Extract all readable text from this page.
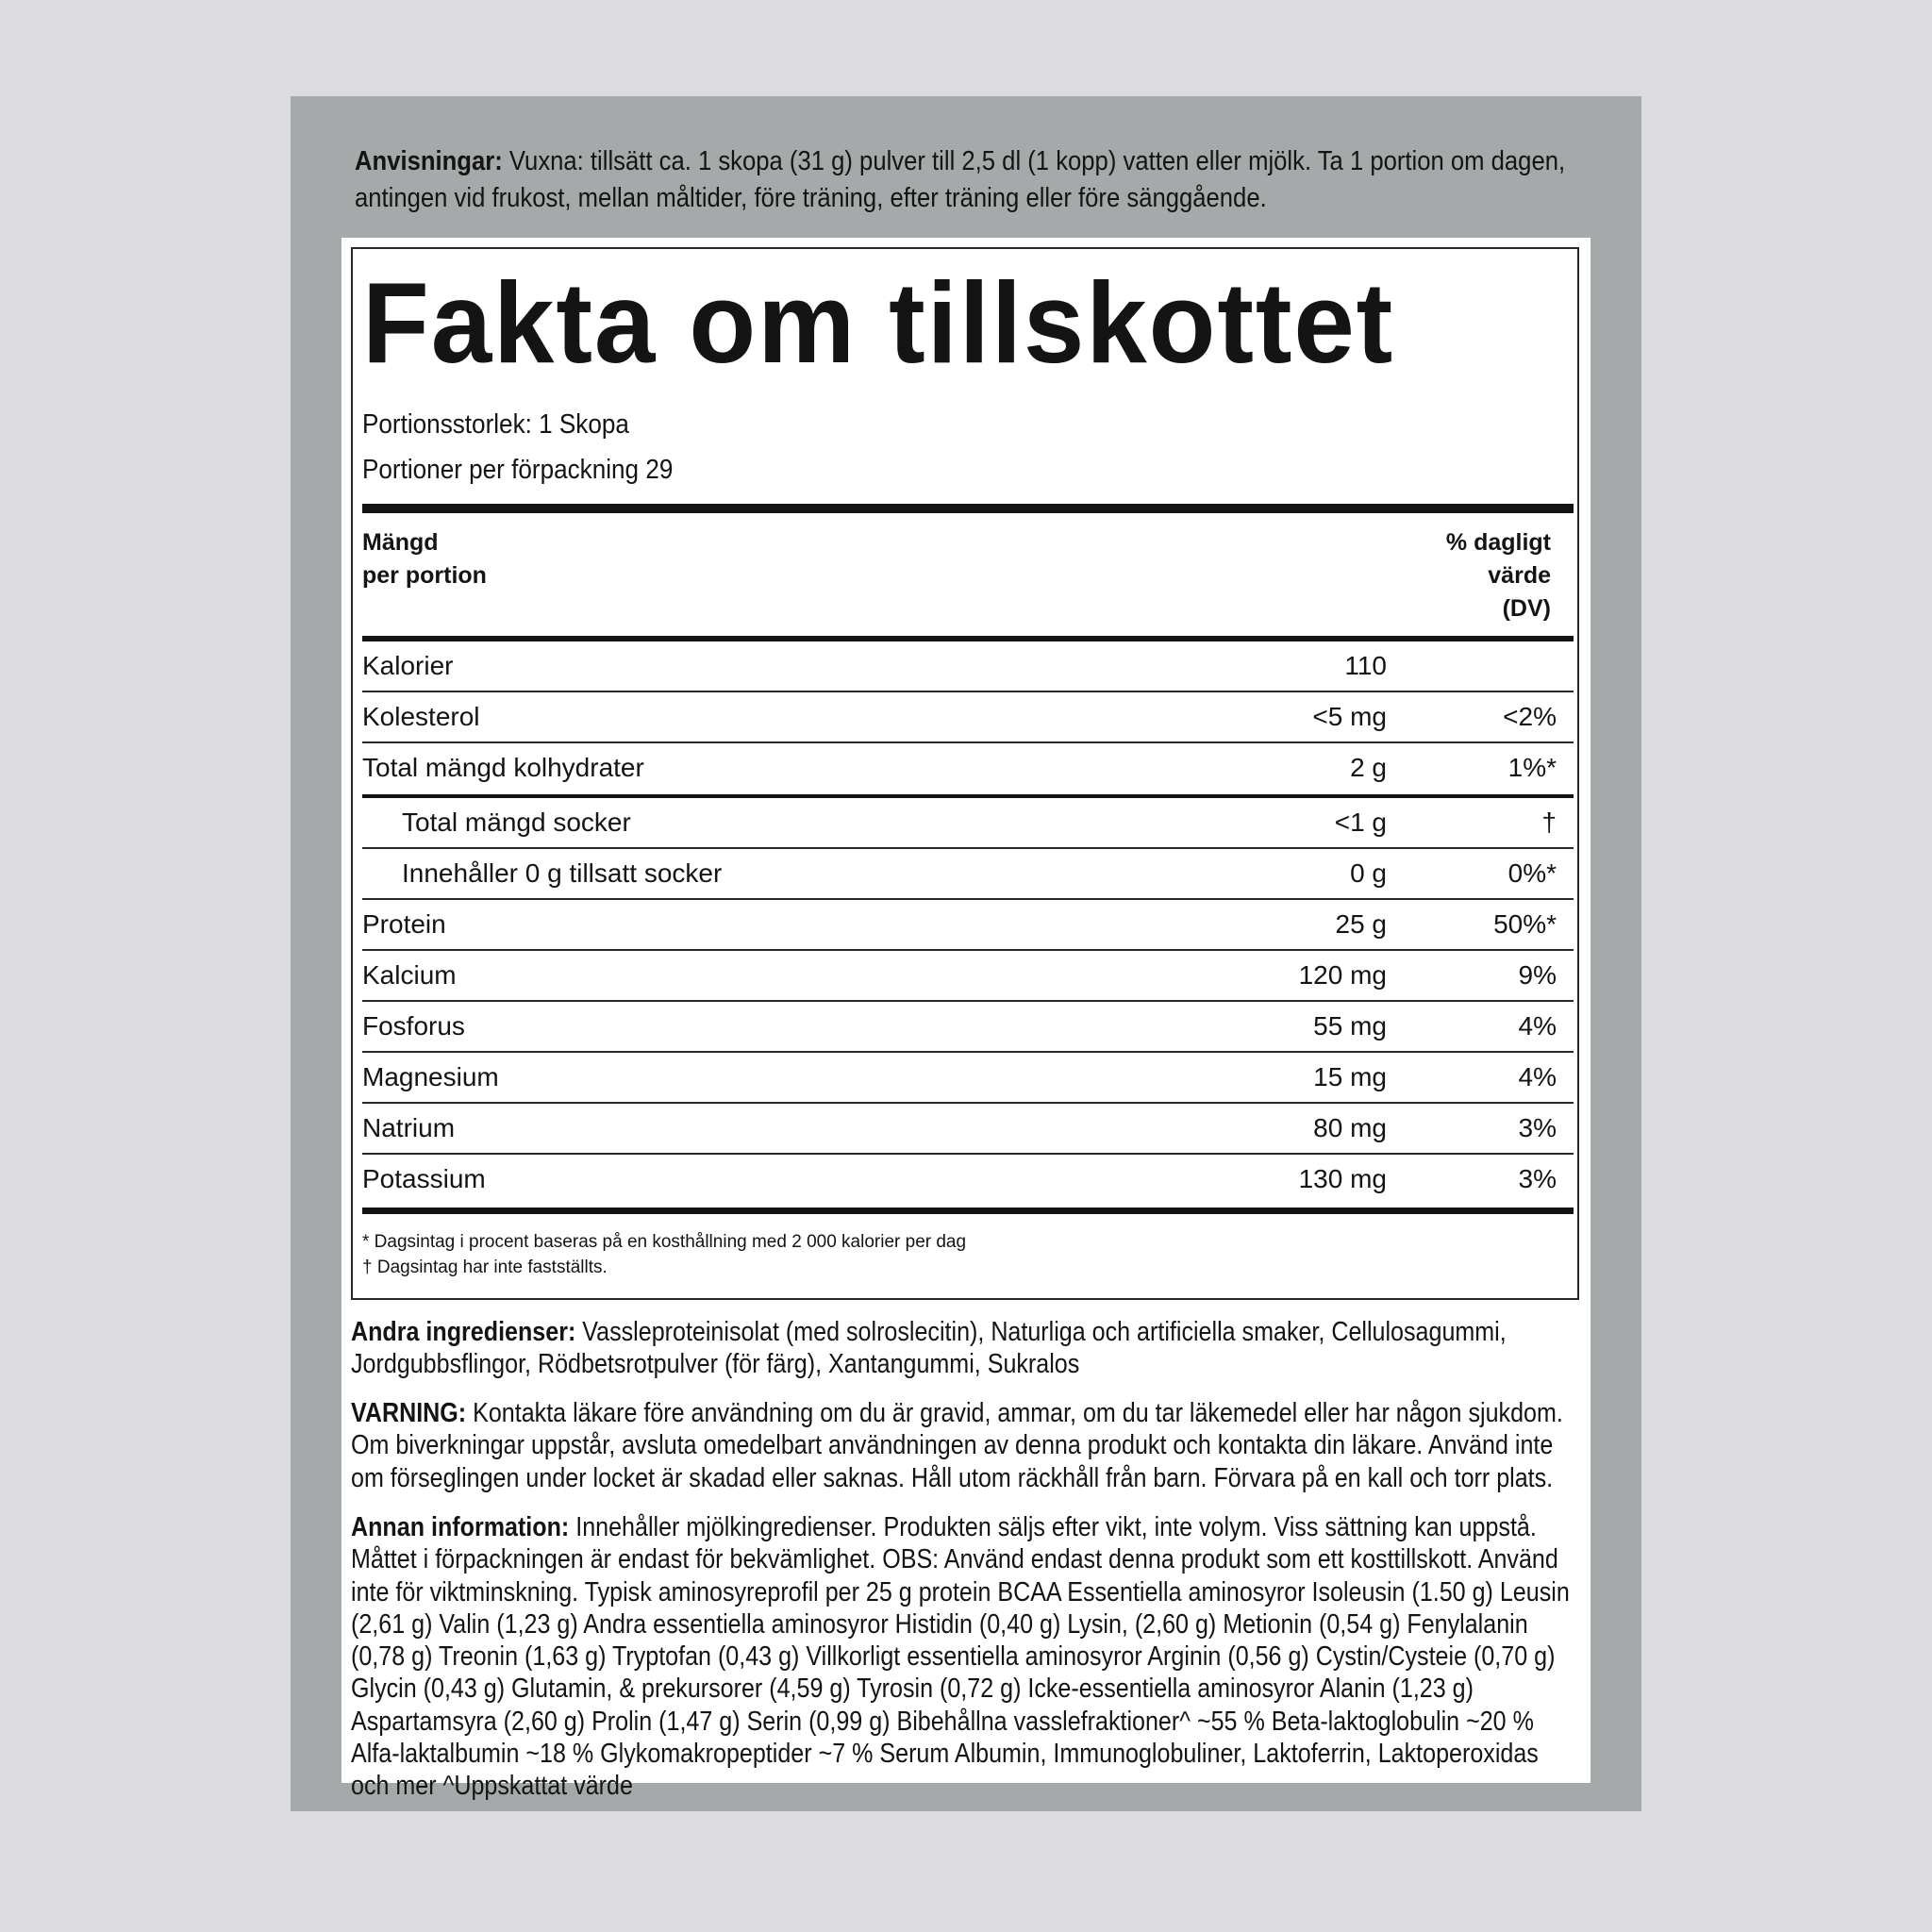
Anvisningar: Vuxna: tillsätt ca. 1 skopa (31 g) pulver till 2,5 dl (1 kopp) vatten eller mjölk. Ta 1 portion om dagen, antingen vid frukost, mellan måltider, före träning, efter träning eller före sänggående.
Fakta om tillskottet
Portionsstorlek: 1 Skopa
Portioner per förpackning 29
Mängd
per portion
% dagligt
värde
(DV)
Kalorier	110
Kolesterol	<5 mg	<2%
Total mängd kolhydrater	2 g	1%*
Total mängd socker	<1 g	†
Innehåller 0 g tillsatt socker	0 g	0%*
Protein	25 g	50%*
Kalcium	120 mg	9%
Fosforus	55 mg	4%
Magnesium	15 mg	4%
Natrium	80 mg	3%
Potassium	130 mg	3%
* Dagsintag i procent baseras på en kosthållning med 2 000 kalorier per dag
† Dagsintag har inte fastställts.
Andra ingredienser: Vassleproteinisolat (med solroslecitin), Naturliga och artificiella smaker, Cellulosagummi, Jordgubbsflingor, Rödbetsrotpulver (för färg), Xantangummi, Sukralos
VARNING: Kontakta läkare före användning om du är gravid, ammar, om du tar läkemedel eller har någon sjukdom. Om biverkningar uppstår, avsluta omedelbart användningen av denna produkt och kontakta din läkare. Använd inte om förseglingen under locket är skadad eller saknas. Håll utom räckhåll från barn. Förvara på en kall och torr plats.
Annan information: Innehåller mjölkingredienser. Produkten säljs efter vikt, inte volym. Viss sättning kan uppstå. Måttet i förpackningen är endast för bekvämlighet. OBS: Använd endast denna produkt som ett kosttillskott. Använd inte för viktminskning. Typisk aminosyreprofil per 25 g protein BCAA Essentiella aminosyror Isoleusin (1.50 g) Leusin (2,61 g) Valin (1,23 g) Andra essentiella aminosyror Histidin (0,40 g) Lysin, (2,60 g) Metionin (0,54 g) Fenylalanin (0,78 g) Treonin (1,63 g) Tryptofan (0,43 g) Villkorligt essentiella aminosyror Arginin (0,56 g) Cystin/Cysteie (0,70 g) Glycin (0,43 g) Glutamin, & prekursorer (4,59 g) Tyrosin (0,72 g) Icke-essentiella aminosyror Alanin (1,23 g) Aspartamsyra (2,60 g) Prolin (1,47 g) Serin (0,99 g) Bibehållna vasslefraktioner^ ~55 % Beta-laktoglobulin ~20 % Alfa-laktalbumin ~18 % Glykomakropeptider ~7 % Serum Albumin, Immunoglobuliner, Laktoferrin, Laktoperoxidas och mer ^Uppskattat värde
